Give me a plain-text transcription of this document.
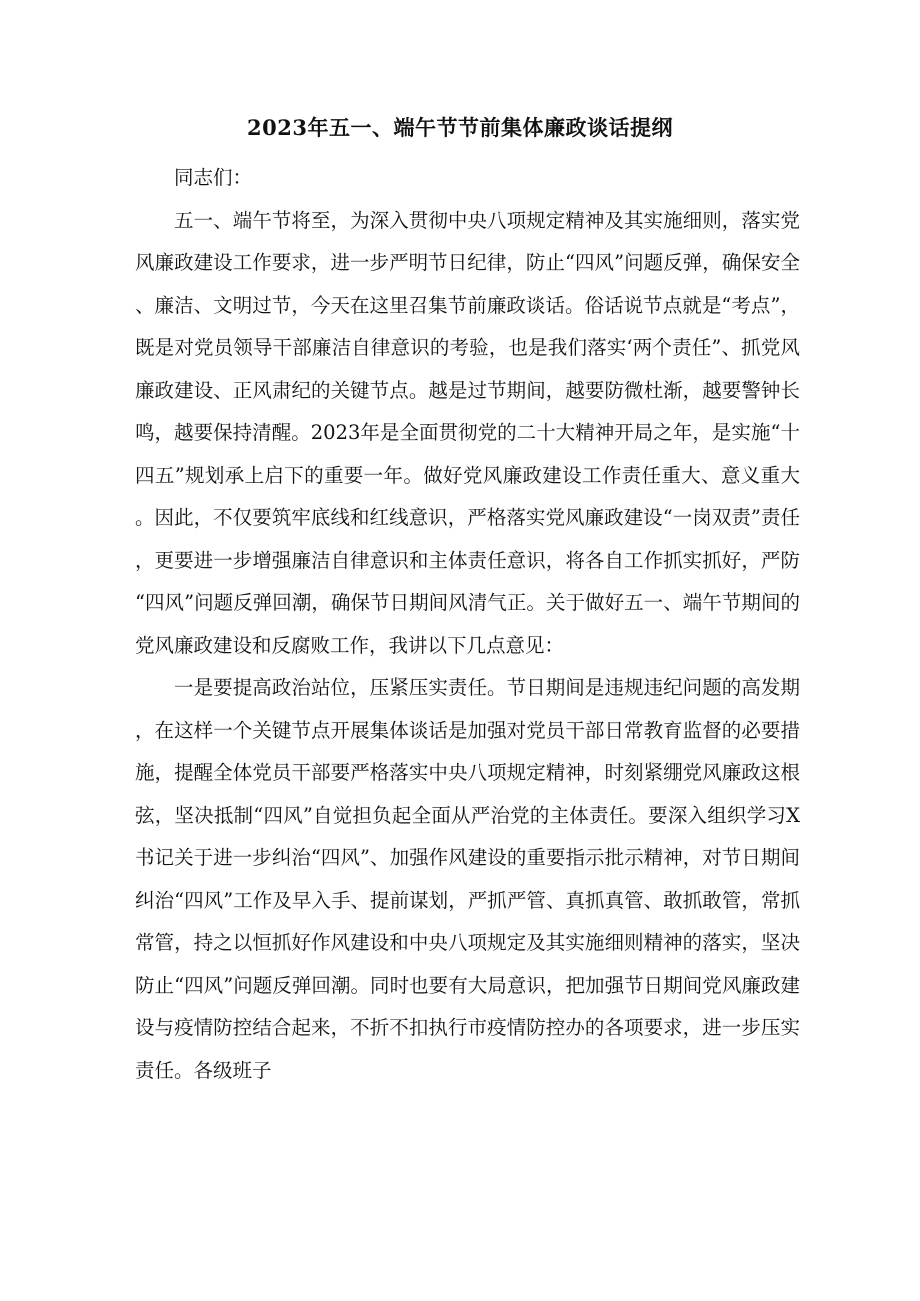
2023年五一、端午节节前集体廉政谈话提纲

同志们：

五一、端午节将至，为深入贯彻中央八项规定精神及其实施细则，落实党风廉政建设工作要求，进一步严明节日纪律，防止“四风”问题反弹，确保安全、廉洁、文明过节，今天在这里召集节前廉政谈话。俗话说节点就是“考点”，既是对党员领导干部廉洁自律意识的考验，也是我们落实‘两个责任”、抓党风廉政建设、正风肃纪的关键节点。越是过节期间，越要防微杜渐，越要警钟长鸣，越要保持清醒。2023年是全面贯彻党的二十大精神开局之年，是实施“十四五”规划承上启下的重要一年。做好党风廉政建设工作责任重大、意义重大。因此，不仅要筑牢底线和红线意识，严格落实党风廉政建设“一岗双责”责任，更要进一步增强廉洁自律意识和主体责任意识，将各自工作抓实抓好，严防“四风”问题反弹回潮，确保节日期间风清气正。关于做好五一、端午节期间的党风廉政建设和反腐败工作，我讲以下几点意见：

一是要提高政治站位，压紧压实责任。节日期间是违规违纪问题的高发期，在这样一个关键节点开展集体谈话是加强对党员干部日常教育监督的必要措施，提醒全体党员干部要严格落实中央八项规定精神，时刻紧绷党风廉政这根弦，坚决抵制“四风”自觉担负起全面从严治党的主体责任。要深入组织学习X书记关于进一步纠治“四风”、加强作风建设的重要指示批示精神，对节日期间纠治“四风”工作及早入手、提前谋划，严抓严管、真抓真管、敢抓敢管，常抓常管，持之以恒抓好作风建设和中央八项规定及其实施细则精神的落实，坚决防止“四风”问题反弹回潮。同时也要有大局意识，把加强节日期间党风廉政建设与疫情防控结合起来，不折不扣执行市疫情防控办的各项要求，进一步压实责任。各级班子
